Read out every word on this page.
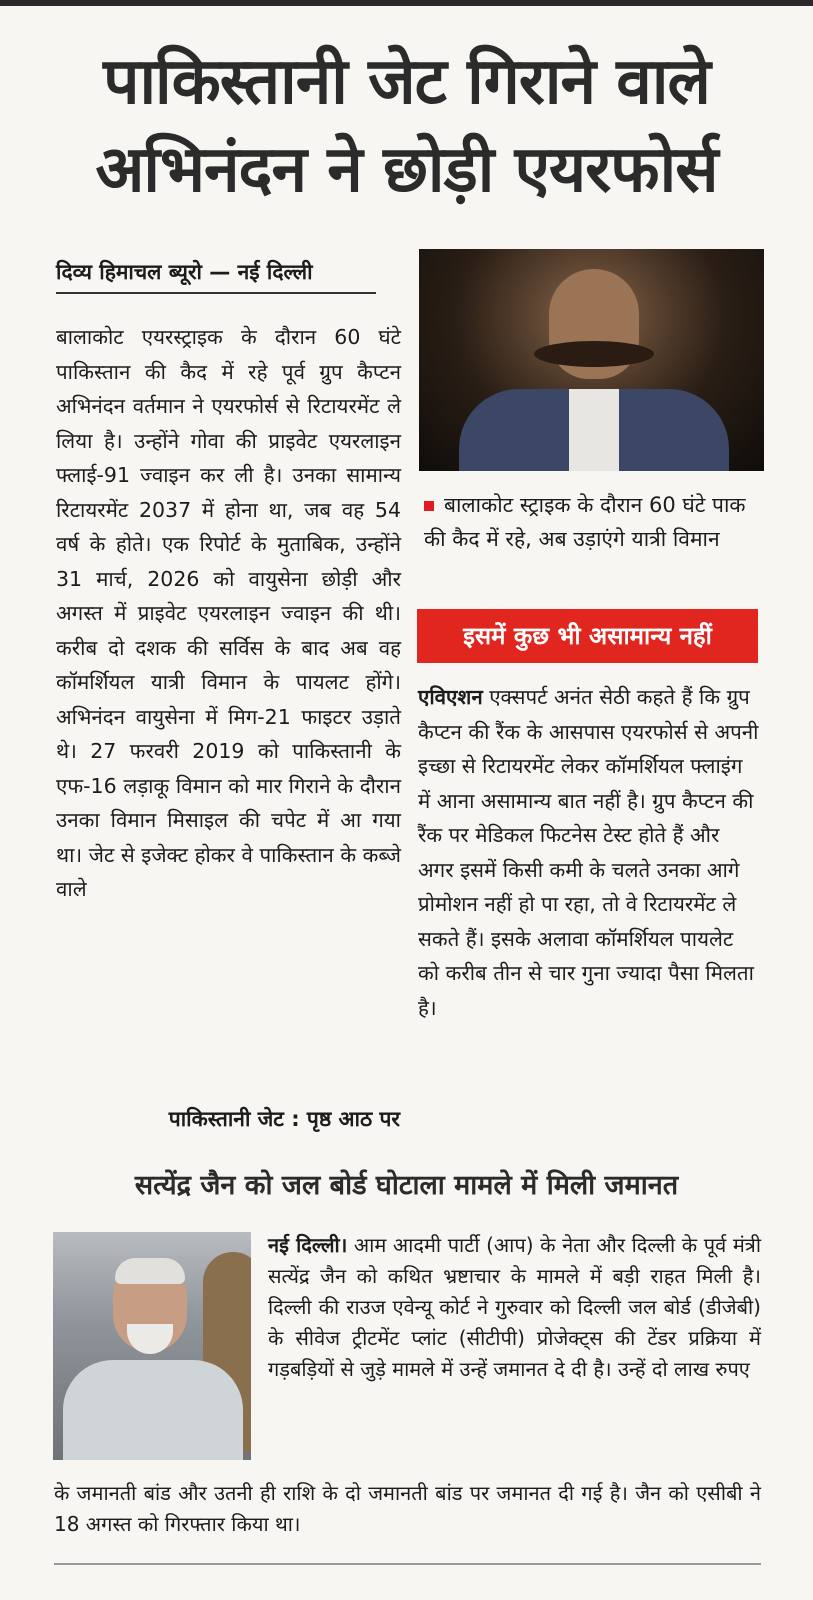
पाकिस्तानी जेट गिराने वाले
अभिनंदन ने छोड़ी एयरफोर्स
दिव्य हिमाचल ब्यूरो — नई दिल्ली

बालाकोट एयरस्ट्राइक के दौरान 60 घंटे पाकिस्तान की कैद में रहे पूर्व ग्रुप कैप्टन अभिनंदन वर्तमान ने एयरफोर्स से रिटायरमेंट ले लिया है। उन्होंने गोवा की प्राइवेट एयरलाइन फ्लाई-91 ज्वाइन कर ली है। उनका सामान्य रिटायरमेंट 2037 में होना था, जब वह 54 वर्ष के होते। एक रिपोर्ट के मुताबिक, उन्होंने 31 मार्च, 2026 को वायुसेना छोड़ी और अगस्त में प्राइवेट एयरलाइन ज्वाइन की थी। करीब दो दशक की सर्विस के बाद अब वह कॉमर्शियल यात्री विमान के पायलट होंगे। अभिनंदन वायुसेना में मिग-21 फाइटर उड़ाते थे। 27 फरवरी 2019 को पाकिस्तानी के एफ-16 लड़ाकू विमान को मार गिराने के दौरान उनका विमान मिसाइल की चपेट में आ गया था। जेट से इजेक्ट होकर वे पाकिस्तान के कब्जे वाले

पाकिस्तानी जेट : पृष्ठ आठ पर
बालाकोट स्ट्राइक के दौरान 60 घंटे पाक की कैद में रहे, अब उड़ाएंगे यात्री विमान
इसमें कुछ भी असामान्य नहीं

एविएशन एक्सपर्ट अनंत सेठी कहते हैं कि ग्रुप कैप्टन की रैंक के आसपास एयरफोर्स से अपनी इच्छा से रिटायरमेंट लेकर कॉमर्शियल फ्लाइंग में आना असामान्य बात नहीं है। ग्रुप कैप्टन की रैंक पर मेडिकल फिटनेस टेस्ट होते हैं और अगर इसमें किसी कमी के चलते उनका आगे प्रोमोशन नहीं हो पा रहा, तो वे रिटायरमेंट ले सकते हैं। इसके अलावा कॉमर्शियल पायलेट को करीब तीन से चार गुना ज्यादा पैसा मिलता है।

सत्येंद्र जैन को जल बोर्ड घोटाला मामले में मिली जमानत

नई दिल्ली। आम आदमी पार्टी (आप) के नेता और दिल्ली के पूर्व मंत्री सत्येंद्र जैन को कथित भ्रष्टाचार के मामले में बड़ी राहत मिली है। दिल्ली की राउज एवेन्यू कोर्ट ने गुरुवार को दिल्ली जल बोर्ड (डीजेबी) के सीवेज ट्रीटमेंट प्लांट (सीटीपी) प्रोजेक्ट्स की टेंडर प्रक्रिया में गड़बड़ियों से जुड़े मामले में उन्हें जमानत दे दी है। उन्हें दो लाख रुपए

के जमानती बांड और उतनी ही राशि के दो जमानती बांड पर जमानत दी गई है। जैन को एसीबी ने 18 अगस्त को गिरफ्तार किया था।
